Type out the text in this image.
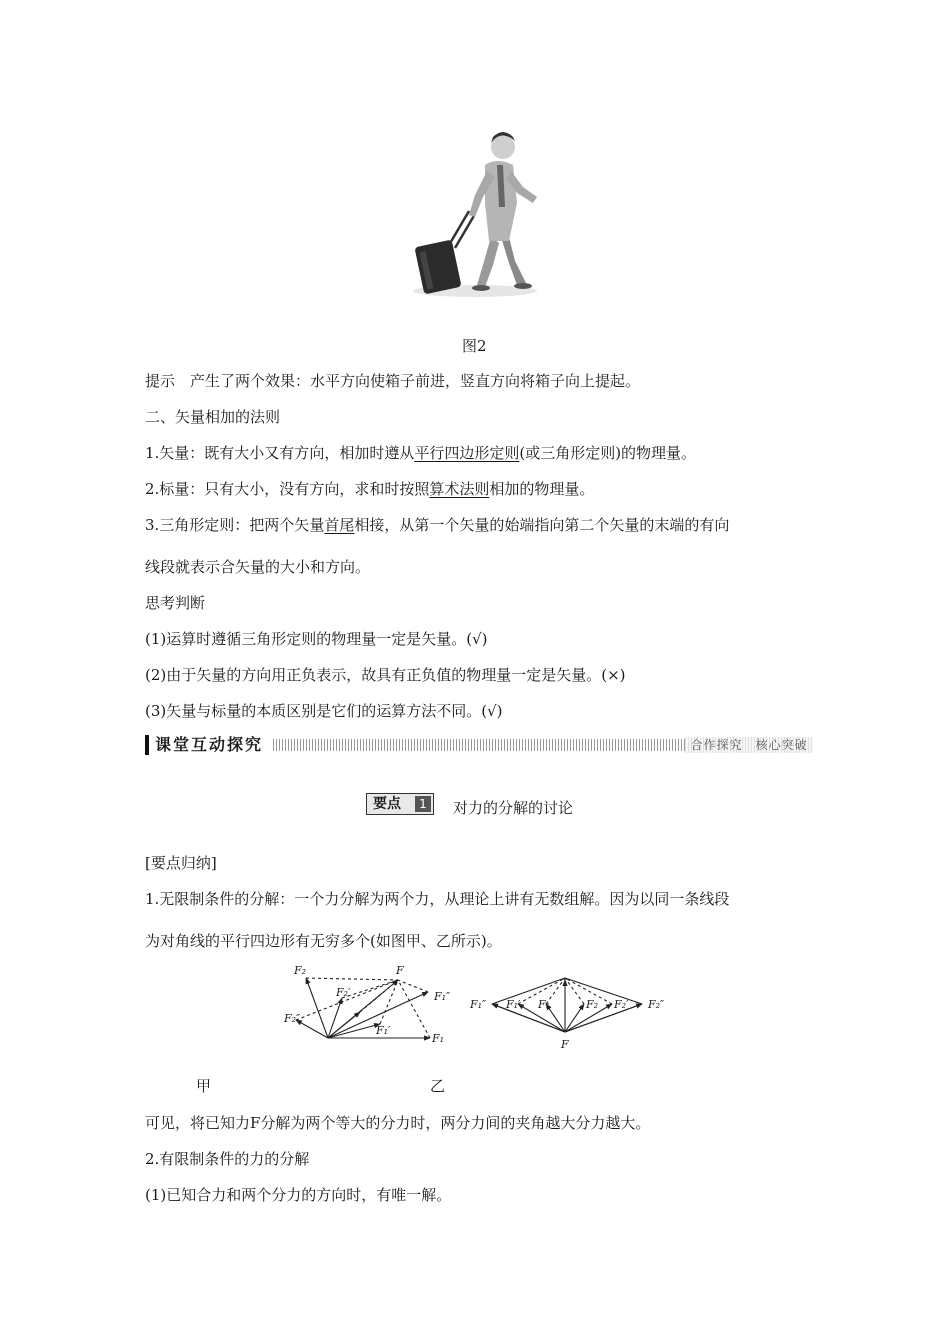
图2
提示　产生了两个效果：水平方向使箱子前进，竖直方向将箱子向上提起。
二、矢量相加的法则
1.矢量：既有大小又有方向，相加时遵从平行四边形定则(或三角形定则)的物理量。
2.标量：只有大小，没有方向，求和时按照算术法则相加的物理量。
3.三角形定则：把两个矢量首尾相接，从第一个矢量的始端指向第二个矢量的末端的有向
线段就表示合矢量的大小和方向。
思考判断
(1)运算时遵循三角形定则的物理量一定是矢量。(√)
(2)由于矢量的方向用正负表示，故具有正负值的物理量一定是矢量。(×)
(3)矢量与标量的本质区别是它们的运算方法不同。(√)
课堂互动探究	合作探究　核心突破
要点	1 对力的分解的讨论
[要点归纳]
1.无限制条件的分解：一个力分解为两个力，从理论上讲有无数组解。因为以同一条线段
为对角线的平行四边形有无穷多个(如图甲、乙所示)。
F₂	F
F₂′	F₁″
F₂″
F₁′
F₁
F₁″ F₁′ F₁	F₂ F₂′ F₂″
F
甲	乙
可见，将已知力F分解为两个等大的分力时，两分力间的夹角越大分力越大。
2.有限制条件的力的分解
(1)已知合力和两个分力的方向时，有唯一解。
